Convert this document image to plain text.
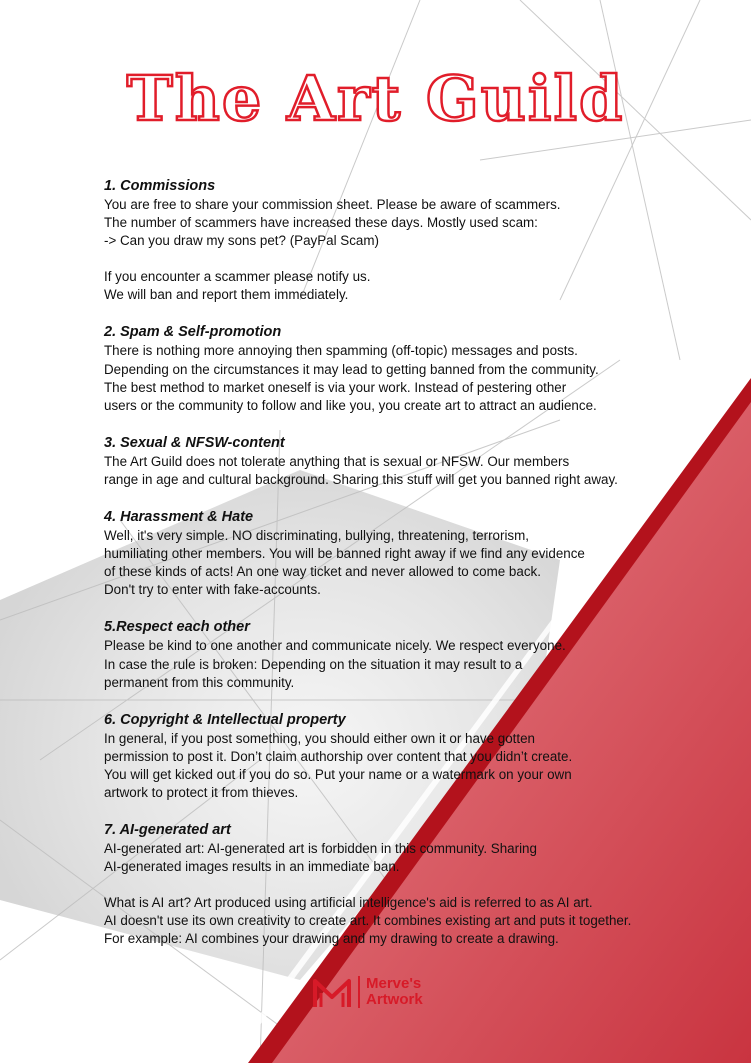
The Art Guild
1. Commissions

You are free to share your commission sheet. Please be aware of scammers.

The number of scammers have increased these days. Mostly used scam:

-> Can you draw my sons pet? (PayPal Scam)

If you encounter a scammer please notify us.

We will ban and report them immediately.

2. Spam & Self-promotion

There is nothing more annoying then spamming (off-topic) messages and posts.

Depending on the circumstances it may lead to getting banned from the community.

The best method to market oneself is via your work. Instead of pestering other

users or the community to follow and like you, you create art to attract an audience.

3. Sexual & NFSW-content

The Art Guild does not tolerate anything that is sexual or NFSW. Our members

range in age and cultural background. Sharing this stuff will get you banned right away.

4. Harassment & Hate

Well, it's very simple. NO discriminating, bullying, threatening, terrorism,

humiliating other members. You will be banned right away if we find any evidence

of these kinds of acts! An one way ticket and never allowed to come back.

Don't try to enter with fake-accounts.

5.Respect each other

Please be kind to one another and communicate nicely. We respect everyone.

In case the rule is broken: Depending on the situation it may result to a

permanent from this community.

6. Copyright & Intellectual property

In general, if you post something, you should either own it or have gotten

permission to post it. Don’t claim authorship over content that you didn’t create.

You will get kicked out if you do so. Put your name or a watermark on your own

artwork to protect it from thieves.

7. AI-generated art

AI-generated art: AI-generated art is forbidden in this community. Sharing

AI-generated images results in an immediate ban.

What is AI art? Art produced using artificial intelligence's aid is referred to as AI art.

AI doesn't use its own creativity to create art. It combines existing art and puts it together.

For example: AI combines your drawing and my drawing to create a drawing.

Merve's
Artwork
